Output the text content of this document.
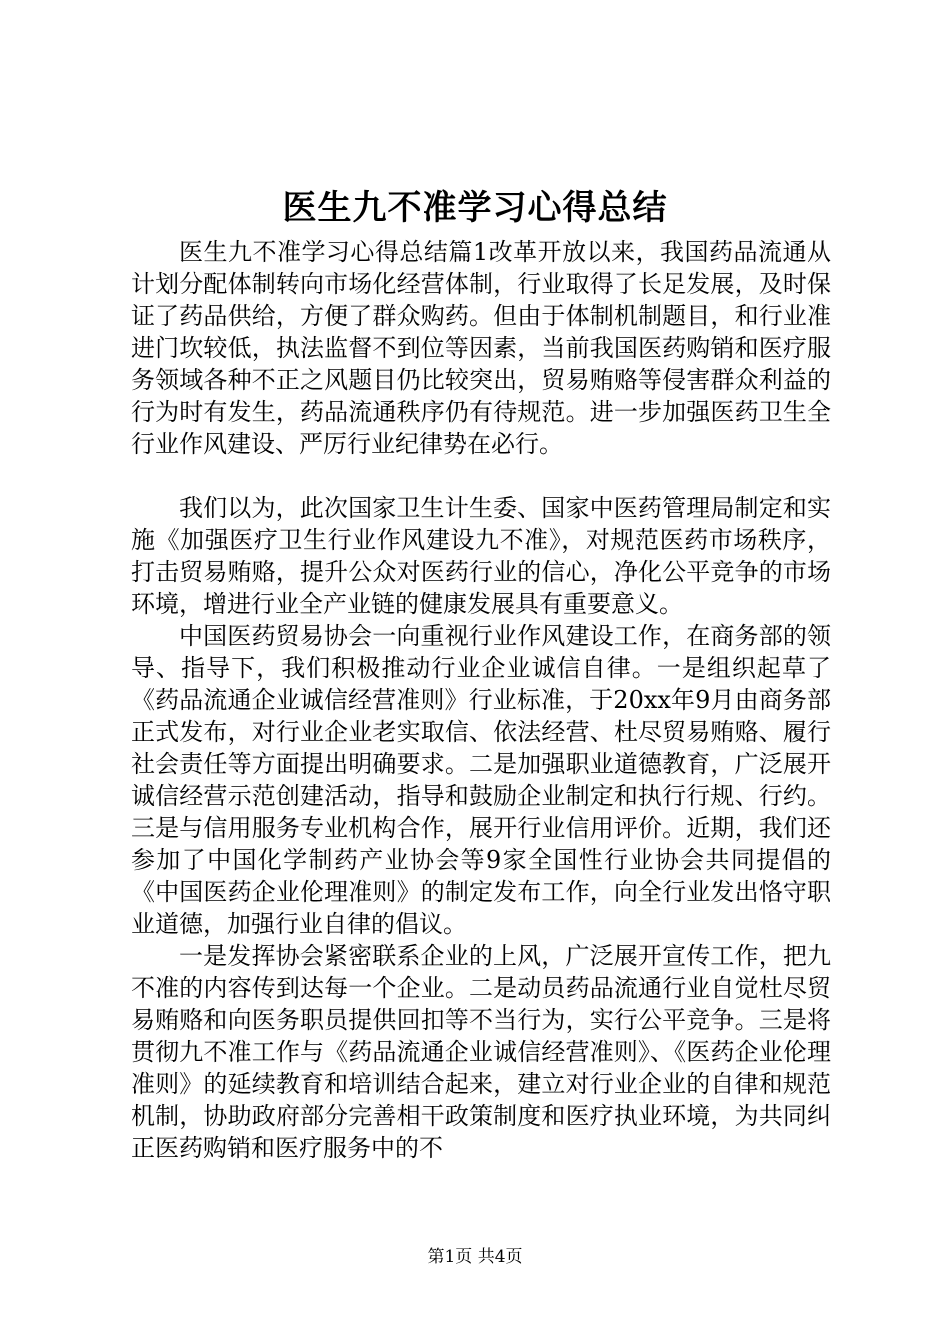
医生九不准学习心得总结

医生九不准学习心得总结篇1改革开放以来，我国药品流通从计划分配体制转向市场化经营体制，行业取得了长足发展，及时保证了药品供给，方便了群众购药。但由于体制机制题目，和行业准进门坎较低，执法监督不到位等因素，当前我国医药购销和医疗服务领域各种不正之风题目仍比较突出，贸易贿赂等侵害群众利益的行为时有发生，药品流通秩序仍有待规范。进一步加强医药卫生全行业作风建设、严厉行业纪律势在必行。

我们以为，此次国家卫生计生委、国家中医药管理局制定和实施《加强医疗卫生行业作风建设九不准》，对规范医药市场秩序，打击贸易贿赂，提升公众对医药行业的信心，净化公平竞争的市场环境，增进行业全产业链的健康发展具有重要意义。

中国医药贸易协会一向重视行业作风建设工作，在商务部的领导、指导下，我们积极推动行业企业诚信自律。一是组织起草了《药品流通企业诚信经营准则》行业标准，于20xx年9月由商务部正式发布，对行业企业老实取信、依法经营、杜尽贸易贿赂、履行社会责任等方面提出明确要求。二是加强职业道德教育，广泛展开诚信经营示范创建活动，指导和鼓励企业制定和执行行规、行约。三是与信用服务专业机构合作，展开行业信用评价。近期，我们还参加了中国化学制药产业协会等9家全国性行业协会共同提倡的《中国医药企业伦理准则》的制定发布工作，向全行业发出恪守职业道德，加强行业自律的倡议。

一是发挥协会紧密联系企业的上风，广泛展开宣传工作，把九不准的内容传到达每一个企业。二是动员药品流通行业自觉杜尽贸易贿赂和向医务职员提供回扣等不当行为，实行公平竞争。三是将贯彻九不准工作与《药品流通企业诚信经营准则》、《医药企业伦理准则》的延续教育和培训结合起来，建立对行业企业的自律和规范机制，协助政府部分完善相干政策制度和医疗执业环境，为共同纠正医药购销和医疗服务中的不

第1页 共4页
